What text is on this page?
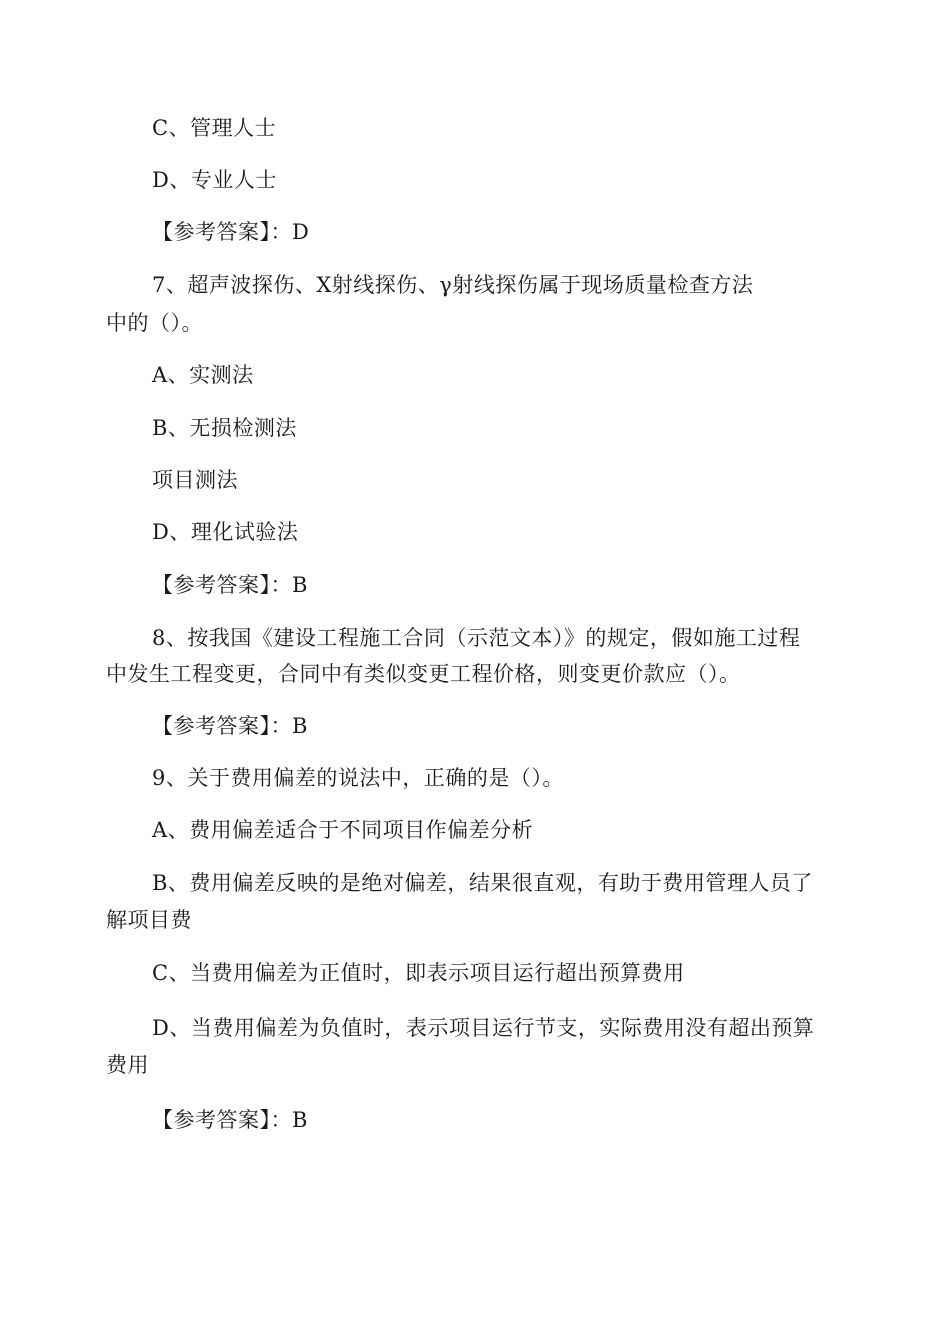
C、管理人士
D、专业人士
【参考答案】：D
7、超声波探伤、X射线探伤、γ射线探伤属于现场质量检查方法
中的（）。
A、实测法
B、无损检测法
项目测法
D、理化试验法
【参考答案】：B
8、按我国《建设工程施工合同（示范文本）》的规定，假如施工过程
中发生工程变更，合同中有类似变更工程价格，则变更价款应（）。
【参考答案】：B
9、关于费用偏差的说法中，正确的是（）。
A、费用偏差适合于不同项目作偏差分析
B、费用偏差反映的是绝对偏差，结果很直观，有助于费用管理人员了
解项目费
C、当费用偏差为正值时，即表示项目运行超出预算费用
D、当费用偏差为负值时，表示项目运行节支，实际费用没有超出预算
费用
【参考答案】：B
